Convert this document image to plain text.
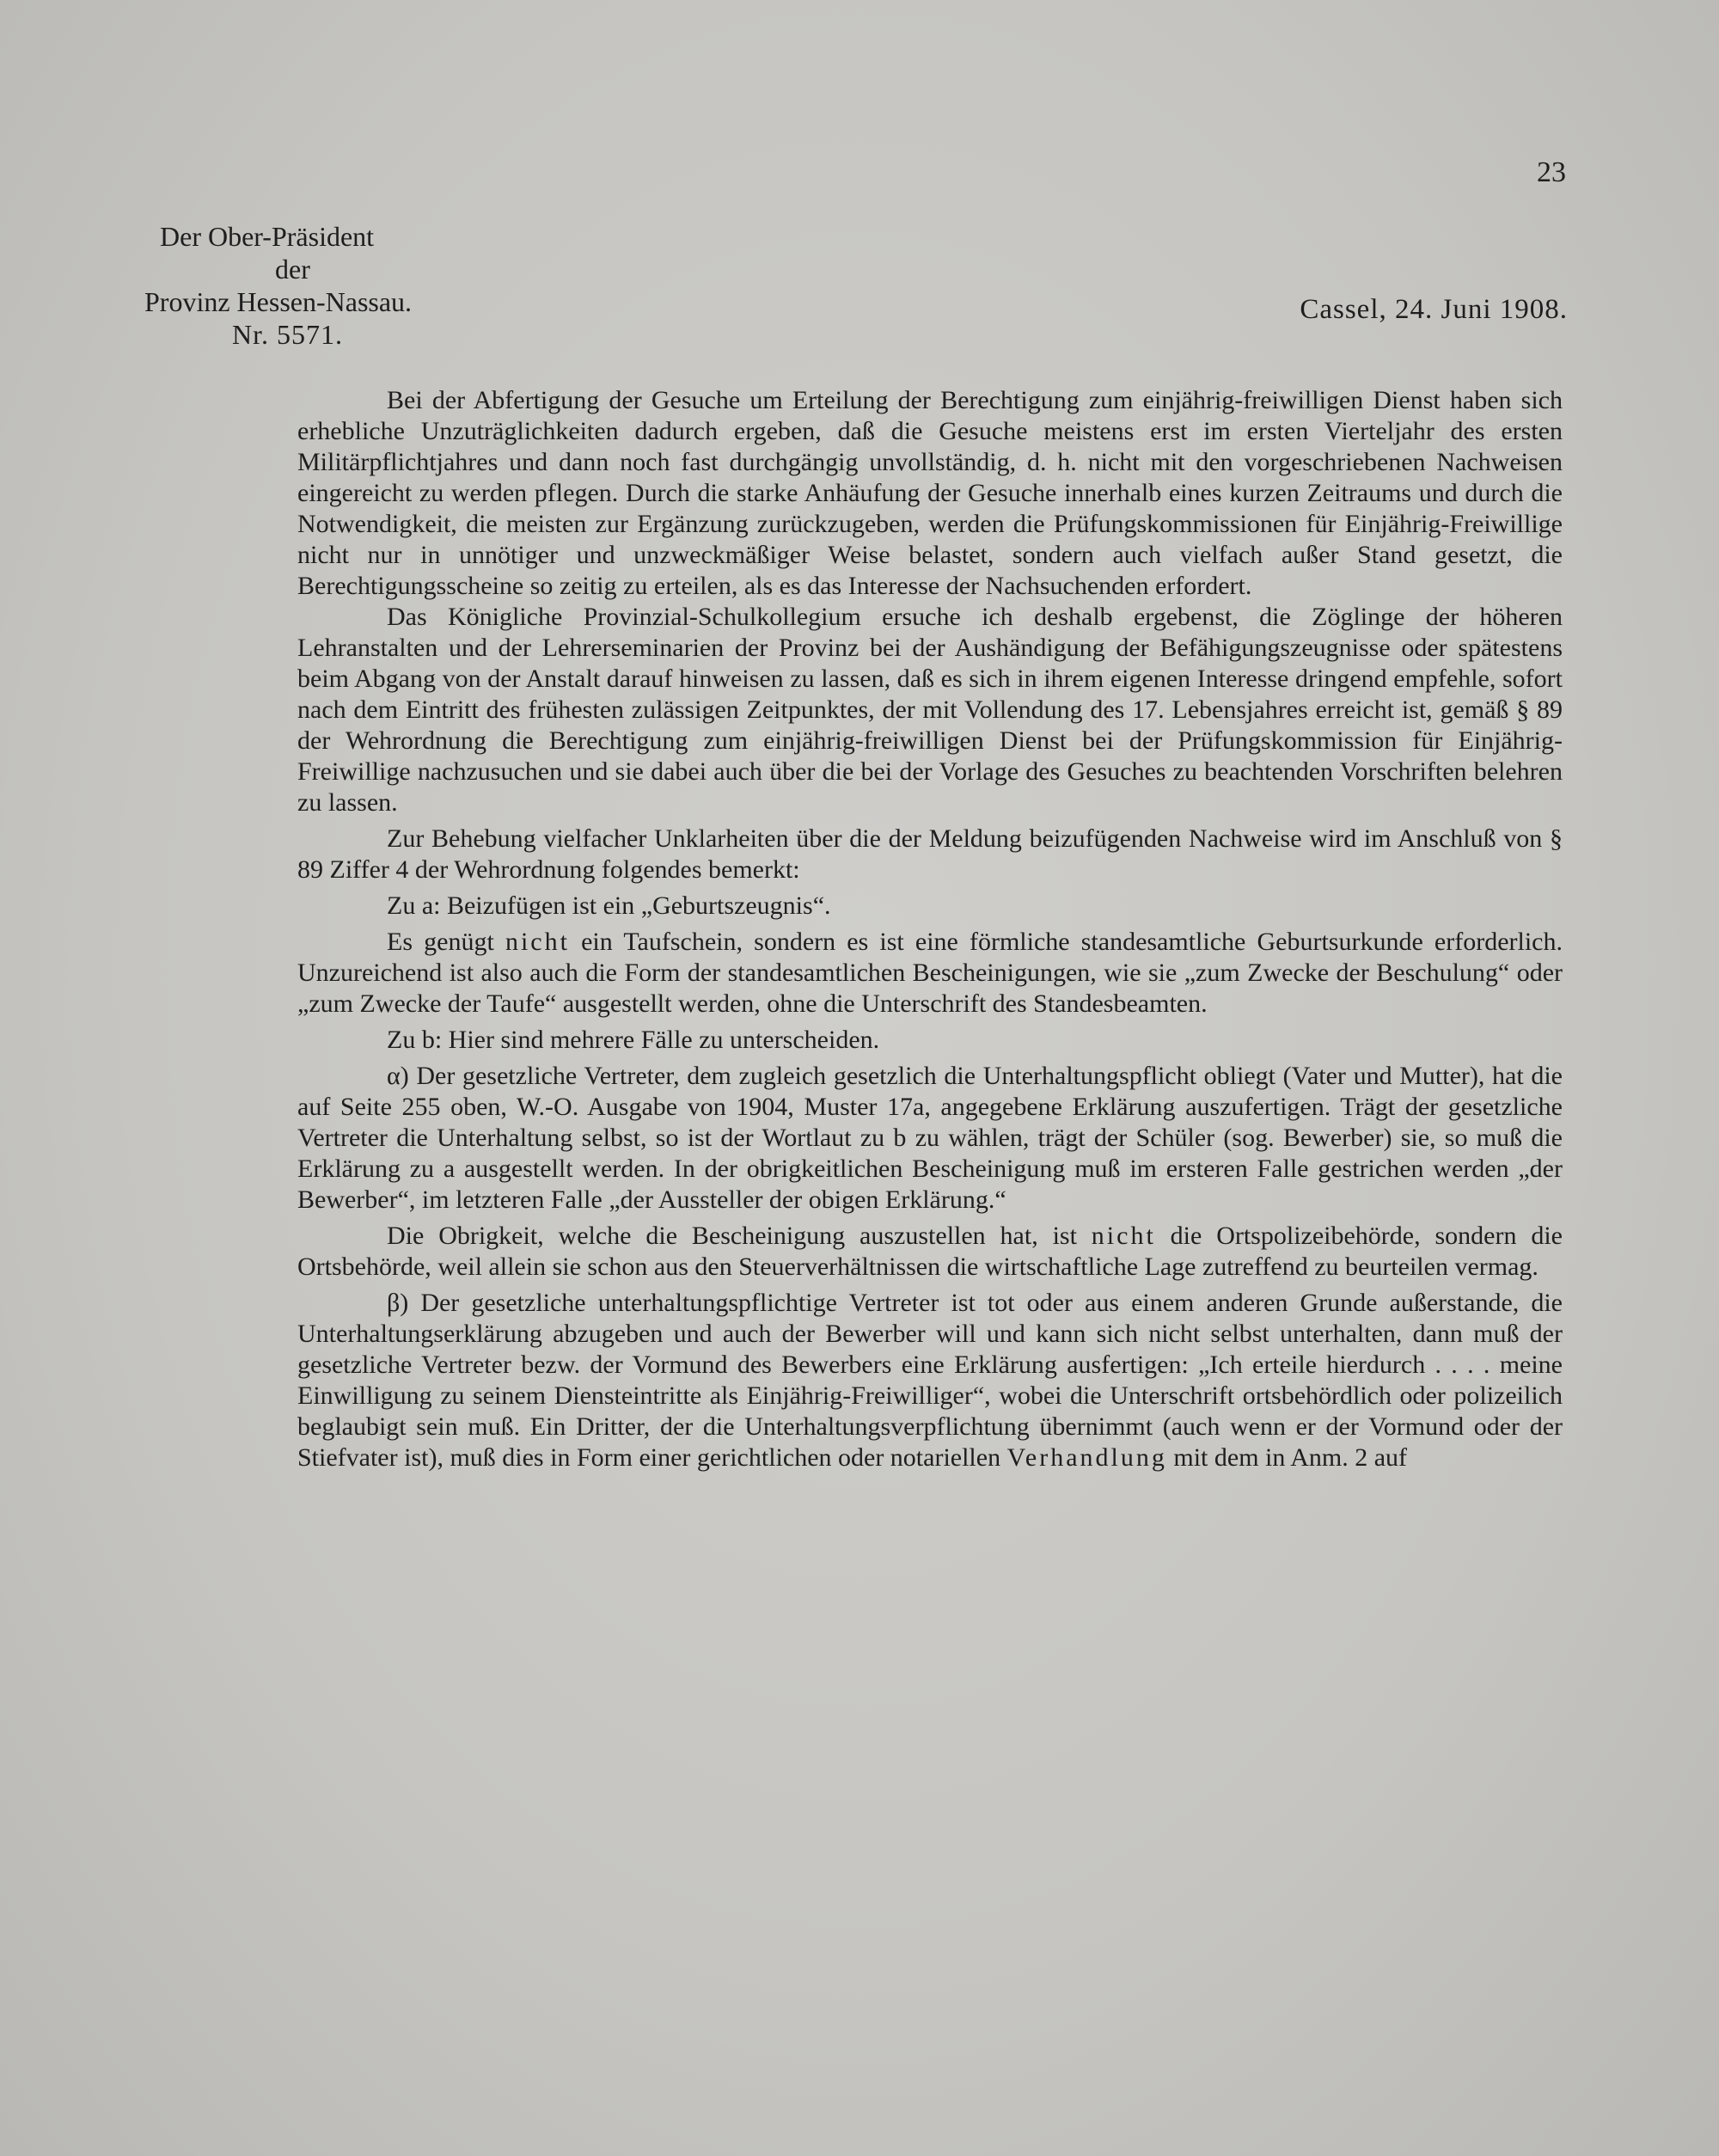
23
Der Ober-Präsident
der
Provinz Hessen-Nassau.
Nr. 5571.
Cassel, 24. Juni 1908.

Bei der Abfertigung der Gesuche um Erteilung der Berechtigung zum einjährig-freiwilligen Dienst haben sich erhebliche Unzuträglichkeiten dadurch ergeben, daß die Gesuche meistens erst im ersten Vierteljahr des ersten Militärpflichtjahres und dann noch fast durchgängig unvollständig, d. h. nicht mit den vorgeschriebenen Nachweisen eingereicht zu werden pflegen. Durch die starke Anhäufung der Gesuche innerhalb eines kurzen Zeitraums und durch die Notwendigkeit, die meisten zur Ergänzung zurückzugeben, werden die Prüfungskommissionen für Einjährig-Freiwillige nicht nur in unnötiger und unzweckmäßiger Weise belastet, sondern auch vielfach außer Stand gesetzt, die Berechtigungsscheine so zeitig zu erteilen, als es das Interesse der Nachsuchenden erfordert.

Das Königliche Provinzial-Schulkollegium ersuche ich deshalb ergebenst, die Zöglinge der höheren Lehranstalten und der Lehrerseminarien der Provinz bei der Aushändigung der Befähigungszeugnisse oder spätestens beim Abgang von der Anstalt darauf hinweisen zu lassen, daß es sich in ihrem eigenen Interesse dringend empfehle, sofort nach dem Eintritt des frühesten zulässigen Zeitpunktes, der mit Vollendung des 17. Lebensjahres erreicht ist, gemäß § 89 der Wehrordnung die Berechtigung zum einjährig-freiwilligen Dienst bei der Prüfungskommission für Einjährig-Freiwillige nachzusuchen und sie dabei auch über die bei der Vorlage des Gesuches zu beachtenden Vorschriften belehren zu lassen.

Zur Behebung vielfacher Unklarheiten über die der Meldung beizufügenden Nachweise wird im Anschluß von § 89 Ziffer 4 der Wehrordnung folgendes bemerkt:

Zu a: Beizufügen ist ein „Geburtszeugnis“.

Es genügt nicht ein Taufschein, sondern es ist eine förmliche standesamtliche Geburtsurkunde erforderlich. Unzureichend ist also auch die Form der standesamtlichen Bescheinigungen, wie sie „zum Zwecke der Beschulung“ oder „zum Zwecke der Taufe“ ausgestellt werden, ohne die Unterschrift des Standesbeamten.

Zu b: Hier sind mehrere Fälle zu unterscheiden.

α) Der gesetzliche Vertreter, dem zugleich gesetzlich die Unterhaltungspflicht obliegt (Vater und Mutter), hat die auf Seite 255 oben, W.-O. Ausgabe von 1904, Muster 17a, angegebene Erklärung auszufertigen. Trägt der gesetzliche Vertreter die Unterhaltung selbst, so ist der Wortlaut zu b zu wählen, trägt der Schüler (sog. Bewerber) sie, so muß die Erklärung zu a ausgestellt werden. In der obrigkeitlichen Bescheinigung muß im ersteren Falle gestrichen werden „der Bewerber“, im letzteren Falle „der Aussteller der obigen Erklärung.“

Die Obrigkeit, welche die Bescheinigung auszustellen hat, ist nicht die Ortspolizeibehörde, sondern die Ortsbehörde, weil allein sie schon aus den Steuerverhältnissen die wirtschaftliche Lage zutreffend zu beurteilen vermag.

β) Der gesetzliche unterhaltungspflichtige Vertreter ist tot oder aus einem anderen Grunde außerstande, die Unterhaltungserklärung abzugeben und auch der Bewerber will und kann sich nicht selbst unterhalten, dann muß der gesetzliche Vertreter bezw. der Vormund des Bewerbers eine Erklärung ausfertigen: „Ich erteile hierdurch . . . . meine Einwilligung zu seinem Diensteintritte als Einjährig-Freiwilliger“, wobei die Unterschrift ortsbehördlich oder polizeilich beglaubigt sein muß. Ein Dritter, der die Unterhaltungsverpflichtung übernimmt (auch wenn er der Vormund oder der Stiefvater ist), muß dies in Form einer gerichtlichen oder notariellen Verhandlung mit dem in Anm. 2 auf
